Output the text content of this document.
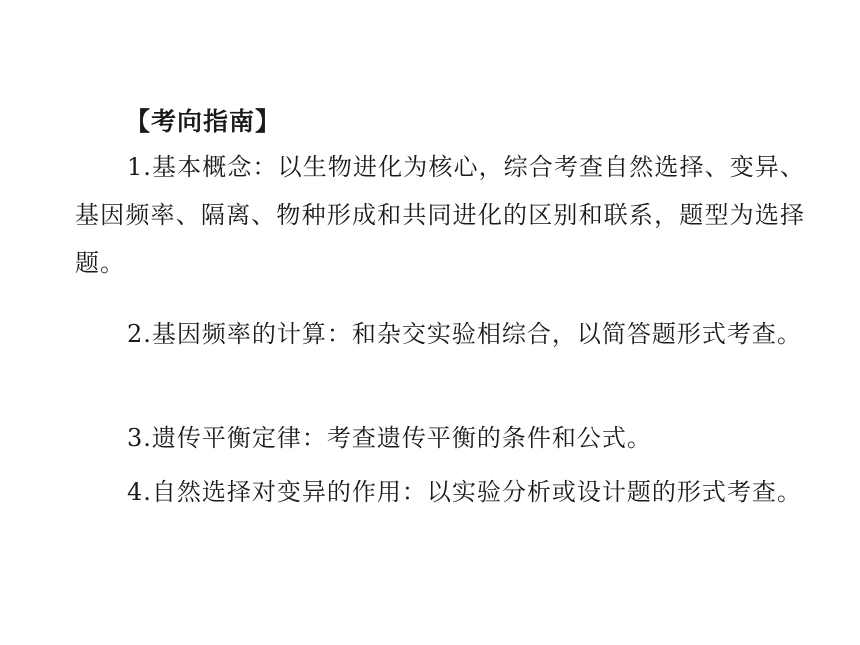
【考向指南】
1.基本概念：以生物进化为核心，综合考查自然选择、变异、基因频率、隔离、物种形成和共同进化的区别和联系，题型为选择题。
2.基因频率的计算：和杂交实验相综合，以简答题形式考查。
3.遗传平衡定律：考查遗传平衡的条件和公式。
4.自然选择对变异的作用：以实验分析或设计题的形式考查。
